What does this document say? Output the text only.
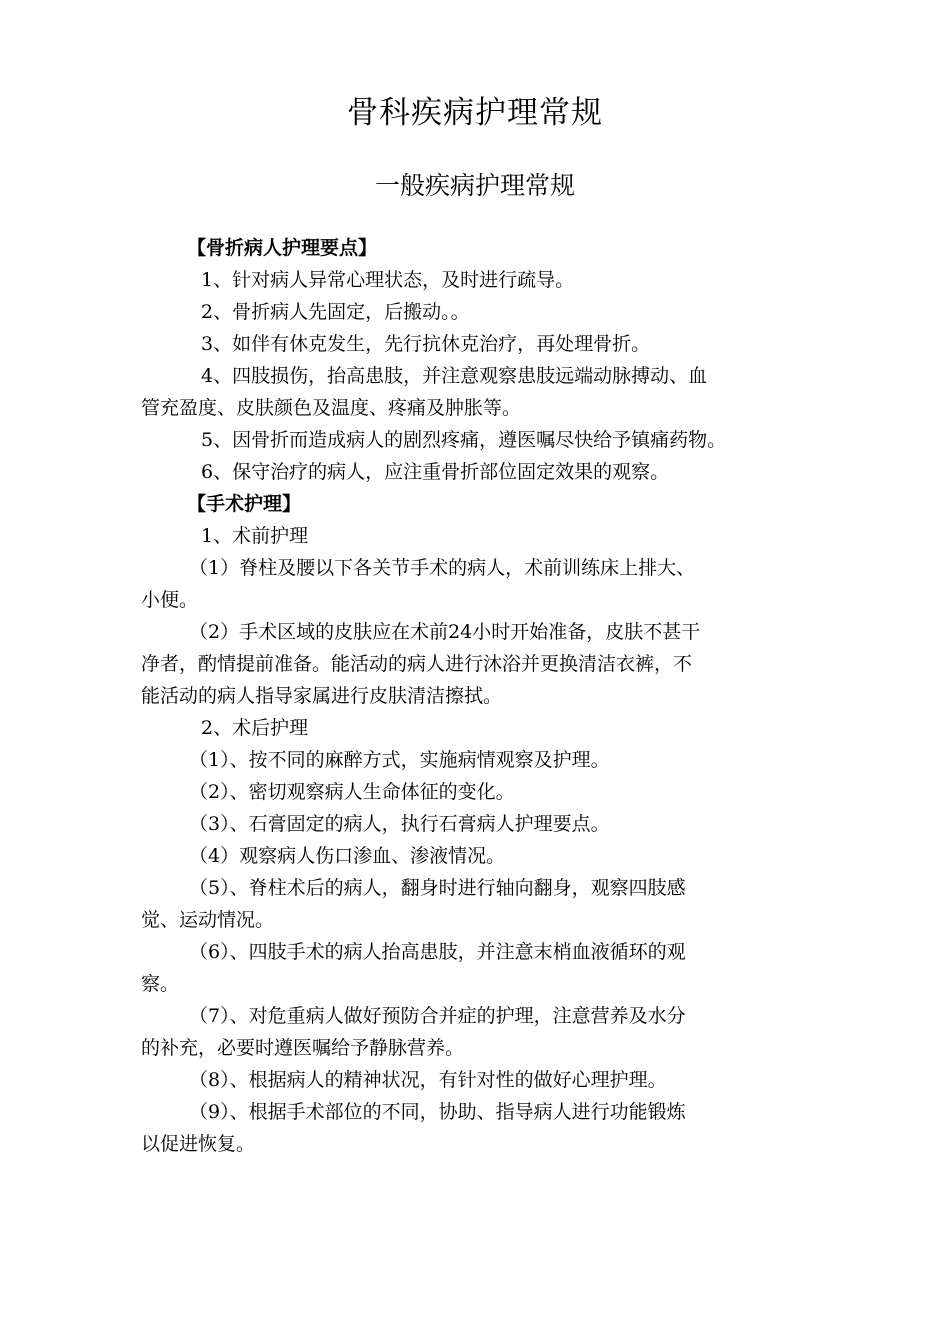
骨科疾病护理常规
一般疾病护理常规
【骨折病人护理要点】
1、针对病人异常心理状态，及时进行疏导。
2、骨折病人先固定，后搬动。。
3、如伴有休克发生，先行抗休克治疗，再处理骨折。
4、四肢损伤，抬高患肢，并注意观察患肢远端动脉搏动、血
管充盈度、皮肤颜色及温度、疼痛及肿胀等。
5、因骨折而造成病人的剧烈疼痛，遵医嘱尽快给予镇痛药物。
6、保守治疗的病人，应注重骨折部位固定效果的观察。
【手术护理】
1、术前护理
（1）脊柱及腰以下各关节手术的病人，术前训练床上排大、
小便。
（2）手术区域的皮肤应在术前24小时开始准备，皮肤不甚干
净者，酌情提前准备。能活动的病人进行沐浴并更换清洁衣裤，不
能活动的病人指导家属进行皮肤清洁擦拭。
2、术后护理
（1）、按不同的麻醉方式，实施病情观察及护理。
（2）、密切观察病人生命体征的变化。
（3）、石膏固定的病人，执行石膏病人护理要点。
（4）观察病人伤口渗血、渗液情况。
（5）、脊柱术后的病人，翻身时进行轴向翻身，观察四肢感
觉、运动情况。
（6）、四肢手术的病人抬高患肢，并注意末梢血液循环的观
察。
（7）、对危重病人做好预防合并症的护理，注意营养及水分
的补充，必要时遵医嘱给予静脉营养。
（8）、根据病人的精神状况，有针对性的做好心理护理。
（9）、根据手术部位的不同，协助、指导病人进行功能锻炼
以促进恢复。
